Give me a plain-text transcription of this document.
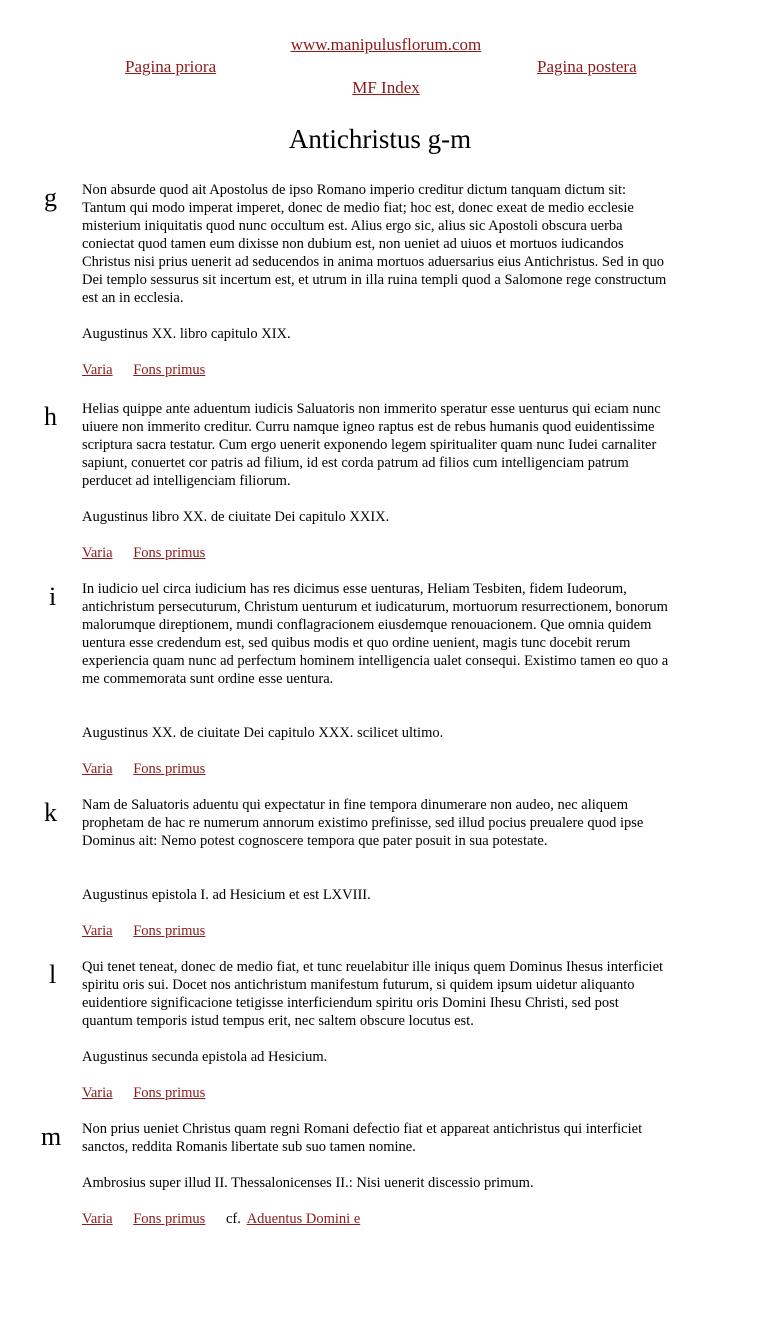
www.manipulusflorum.com
Pagina priora	Pagina postera
MF Index
Antichristus g-m
g	Non absurde quod ait Apostolus de ipso Romano imperio creditur dictum tanquam dictum sit: Tantum qui modo imperat imperet, donec de medio fiat; hoc est, donec exeat de medio ecclesie misterium iniquitatis quod nunc occultum est. Alius ergo sic, alius sic Apostoli obscura uerba coniectat quod tamen eum dixisse non dubium est, non ueniet ad uiuos et mortuos iudicandos Christus nisi prius uenerit ad seducendos in anima mortuos aduersarius eius Antichristus. Sed in quo Dei templo sessurus sit incertum est, et utrum in illa ruina templi quod a Salomone rege constructum est an in ecclesia.

Augustinus XX. libro capitulo XIX.
Varia Fons primus
h	Helias quippe ante aduentum iudicis Saluatoris non immerito speratur esse uenturus qui eciam nunc uiuere non immerito creditur. Curru namque igneo raptus est de rebus humanis quod euidentissime scriptura sacra testatur. Cum ergo uenerit exponendo legem spiritualiter quam nunc Iudei carnaliter sapiunt, conuertet cor patris ad filium, id est corda patrum ad filios cum intelligenciam patrum perducet ad intelligenciam filiorum.

Augustinus libro XX. de ciuitate Dei capitulo XXIX.
Varia Fons primus
i	In iudicio uel circa iudicium has res dicimus esse uenturas, Heliam Tesbiten, fidem Iudeorum, antichristum persecuturum, Christum uenturum et iudicaturum, mortuorum resurrectionem, bonorum malorumque direptionem, mundi conflagracionem eiusdemque renouacionem. Que omnia quidem uentura esse credendum est, sed quibus modis et quo ordine uenient, magis tunc docebit rerum experiencia quam nunc ad perfectum hominem intelligencia ualet consequi. Existimo tamen eo quo a me commemorata sunt ordine esse uentura.

Augustinus XX. de ciuitate Dei capitulo XXX. scilicet ultimo.
Varia Fons primus
k	Nam de Saluatoris aduentu qui expectatur in fine tempora dinumerare non audeo, nec aliquem prophetam de hac re numerum annorum existimo prefinisse, sed illud pocius preualere quod ipse Dominus ait: Nemo potest cognoscere tempora que pater posuit in sua potestate.

Augustinus epistola I. ad Hesicium et est LXVIII.
Varia Fons primus
l	Qui tenet teneat, donec de medio fiat, et tunc reuelabitur ille iniqus quem Dominus Ihesus interficiet spiritu oris sui. Docet nos antichristum manifestum futurum, si quidem ipsum uidetur aliquanto euidentiore significacione tetigisse interficiendum spiritu oris Domini Ihesu Christi, sed post quantum temporis istud tempus erit, nec saltem obscure locutus est.

Augustinus secunda epistola ad Hesicium.
Varia Fons primus
m Non prius ueniet Christus quam regni Romani defectio fiat et appareat antichristus qui interficiet sanctos, reddita Romanis libertate sub suo tamen nomine.

Ambrosius super illud II. Thessalonicenses II.: Nisi uenerit discessio primum.
Varia Fons primus cf. Aduentus Domini e
